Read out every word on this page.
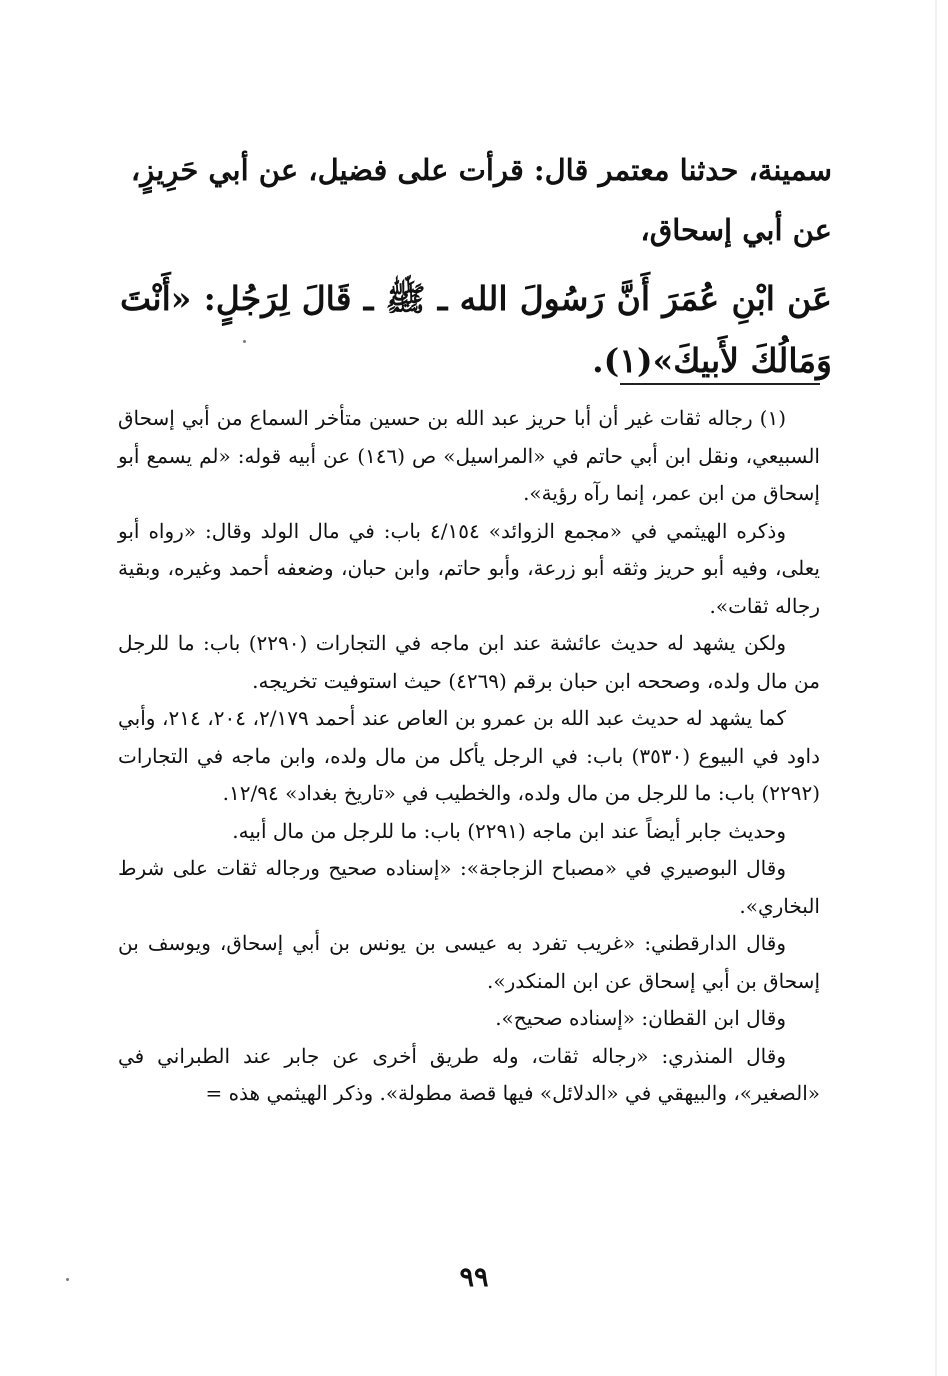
سمينة، حدثنا معتمر قال: قرأت على فضيل، عن أبي حَرِيزٍ، عن أبي إسحاق،

عَن ابْنِ عُمَرَ أَنَّ رَسُولَ الله ـ ﷺ ـ قَالَ لِرَجُلٍ: «أَنْتَ وَمَالُكَ لأَبيكَ»(١).

(١) رجاله ثقات غير أن أبا حريز عبد الله بن حسين متأخر السماع من أبي إسحاق السبيعي، ونقل ابن أبي حاتم في «المراسيل» ص (١٤٦) عن أبيه قوله: «لم يسمع أبو إسحاق من ابن عمر، إنما رآه رؤية».

وذكره الهيثمي في «مجمع الزوائد» ٤/١٥٤ باب: في مال الولد وقال: «رواه أبو يعلى، وفيه أبو حريز وثقه أبو زرعة، وأبو حاتم، وابن حبان، وضعفه أحمد وغيره، وبقية رجاله ثقات».

ولكن يشهد له حديث عائشة عند ابن ماجه في التجارات (٢٢٩٠) باب: ما للرجل من مال ولده، وصححه ابن حبان برقم (٤٢٦٩) حيث استوفيت تخريجه.

كما يشهد له حديث عبد الله بن عمرو بن العاص عند أحمد ٢/١٧٩، ٢٠٤، ٢١٤، وأبي داود في البيوع (٣٥٣٠) باب: في الرجل يأكل من مال ولده، وابن ماجه في التجارات (٢٢٩٢) باب: ما للرجل من مال ولده، والخطيب في «تاريخ بغداد» ١٢/٩٤.

وحديث جابر أيضاً عند ابن ماجه (٢٢٩١) باب: ما للرجل من مال أبيه.

وقال البوصيري في «مصباح الزجاجة»: «إسناده صحيح ورجاله ثقات على شرط البخاري».

وقال الدارقطني: «غريب تفرد به عيسى بن يونس بن أبي إسحاق، ويوسف بن إسحاق بن أبي إسحاق عن ابن المنكدر».

وقال ابن القطان: «إسناده صحيح».

وقال المنذري: «رجاله ثقات، وله طريق أخرى عن جابر عند الطبراني في «الصغير»، والبيهقي في «الدلائل» فيها قصة مطولة». وذكر الهيثمي هذه =

٩٩
